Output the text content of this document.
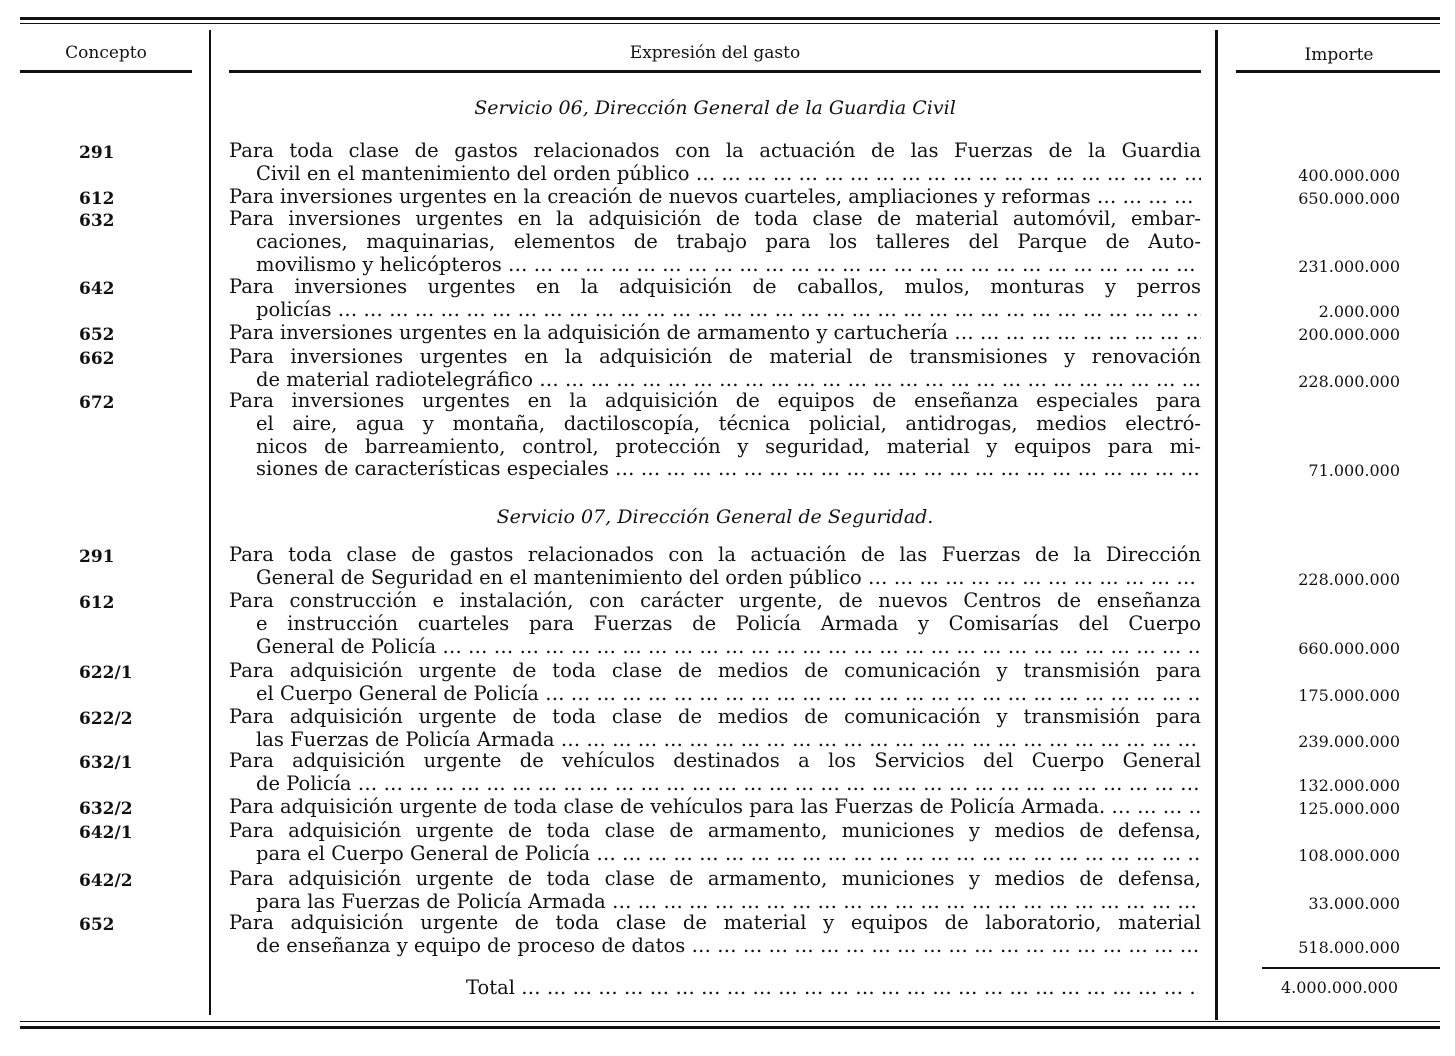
Concepto	Expresión del gasto	Importe
Servicio 06, Dirección General de la Guardia Civil
291	Para toda clase de gastos relacionados con la actuación de las Fuerzas de la Guardia
Civil en el mantenimiento del orden público … … … … … … … … … … … … … … … … … … … … … … … … … … … … … … … … … … … … … … … … … … … … … …	400.000.000
612	Para inversiones urgentes en la creación de nuevos cuarteles, ampliaciones y reformas … … … … … … … … … … … … … … … … … … … … … … … … … … … … … … … … … … … … … … … … … … … … … …	650.000.000
632	Para inversiones urgentes en la adquisición de toda clase de material automóvil, embar-
caciones, maquinarias, elementos de trabajo para los talleres del Parque de Auto-
movilismo y helicópteros … … … … … … … … … … … … … … … … … … … … … … … … … … … … … … … … … … … … … … … … … … … … … …	231.000.000
642	Para inversiones urgentes en la adquisición de caballos, mulos, monturas y perros
policías … … … … … … … … … … … … … … … … … … … … … … … … … … … … … … … … … … … … … … … … … … … … … …	2.000.000
652	Para inversiones urgentes en la adquisición de armamento y cartuchería … … … … … … … … … … … … … … … … … … … … … … … … … … … … … … … … … … … … … … … … … … … … … …	200.000.000
662	Para inversiones urgentes en la adquisición de material de transmisiones y renovación
de material radiotelegráfico … … … … … … … … … … … … … … … … … … … … … … … … … … … … … … … … … … … … … … … … … … … … … …	228.000.000
672	Para inversiones urgentes en la adquisición de equipos de enseñanza especiales para
el aire, agua y montaña, dactiloscopía, técnica policial, antidrogas, medios electró-
nicos de barreamiento, control, protección y seguridad, material y equipos para mi-
siones de características especiales … … … … … … … … … … … … … … … … … … … … … … … … … … … … … … … … … … … … … … … … … … … … … …	71.000.000
Servicio 07, Dirección General de Seguridad.
291	Para toda clase de gastos relacionados con la actuación de las Fuerzas de la Dirección
General de Seguridad en el mantenimiento del orden público … … … … … … … … … … … … … … … … … … … … … … … … … … … … … … … … … … … … … … … … … … … … … …	228.000.000
612	Para construcción e instalación, con carácter urgente, de nuevos Centros de enseñanza
e instrucción cuarteles para Fuerzas de Policía Armada y Comisarías del Cuerpo
General de Policía … … … … … … … … … … … … … … … … … … … … … … … … … … … … … … … … … … … … … … … … … … … … … …	660.000.000
622/1	Para adquisición urgente de toda clase de medios de comunicación y transmisión para
el Cuerpo General de Policía … … … … … … … … … … … … … … … … … … … … … … … … … … … … … … … … … … … … … … … … … … … … … …	175.000.000
622/2	Para adquisición urgente de toda clase de medios de comunicación y transmisión para
las Fuerzas de Policía Armada … … … … … … … … … … … … … … … … … … … … … … … … … … … … … … … … … … … … … … … … … … … … … …	239.000.000
632/1	Para adquisición urgente de vehículos destinados a los Servicios del Cuerpo General
de Policía … … … … … … … … … … … … … … … … … … … … … … … … … … … … … … … … … … … … … … … … … … … … … …	132.000.000
632/2	Para adquisición urgente de toda clase de vehículos para las Fuerzas de Policía Armada. … … … … … … … … … … … … … … … … … … … … … … … … … … … … … … … … … … … … … … … … … … … … … …	125.000.000
642/1	Para adquisición urgente de toda clase de armamento, municiones y medios de defensa,
para el Cuerpo General de Policía … … … … … … … … … … … … … … … … … … … … … … … … … … … … … … … … … … … … … … … … … … … … … …	108.000.000
642/2	Para adquisición urgente de toda clase de armamento, municiones y medios de defensa,
para las Fuerzas de Policía Armada … … … … … … … … … … … … … … … … … … … … … … … … … … … … … … … … … … … … … … … … … … … … … …	33.000.000
652	Para adquisición urgente de toda clase de material y equipos de laboratorio, material
de enseñanza y equipo de proceso de datos … … … … … … … … … … … … … … … … … … … … … … … … … … … … … … … … … … … … … … … … … … … … … …	518.000.000
Total … … … … … … … … … … … … … … … … … … … … … … … … … … … … … … … … … … … … … … … … … … … … … …	4.000.000.000
